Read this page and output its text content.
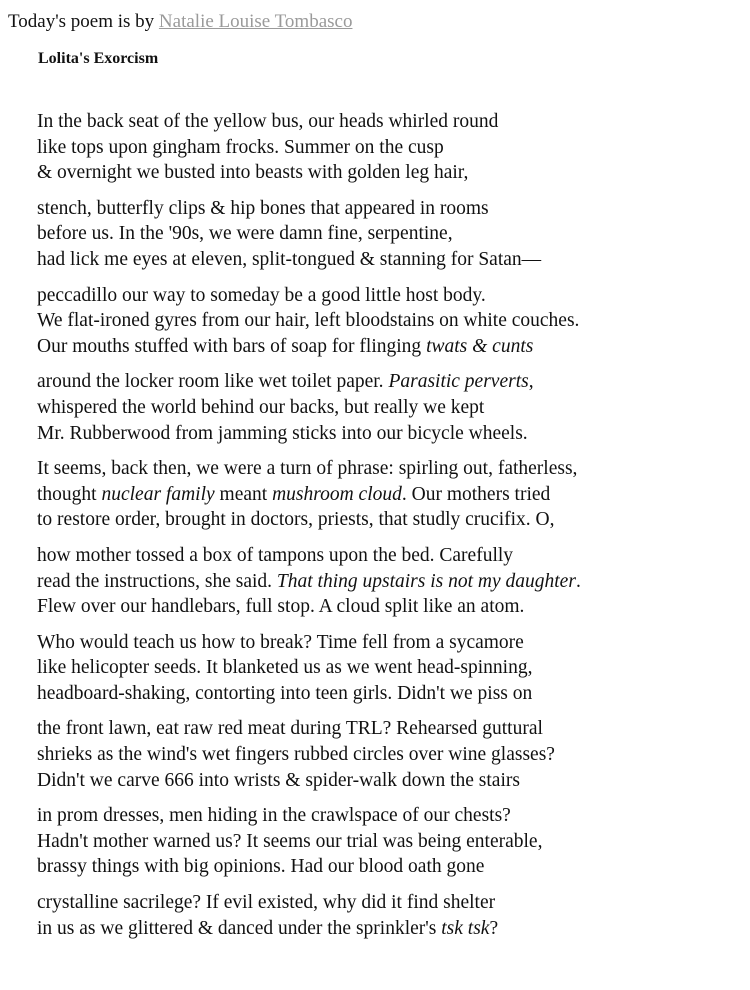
Today's poem is by Natalie Louise Tombasco
Lolita's Exorcism
In the back seat of the yellow bus, our heads whirled round
like tops upon gingham frocks. Summer on the cusp
& overnight we busted into beasts with golden leg hair,
stench, butterfly clips & hip bones that appeared in rooms
before us. In the '90s, we were damn fine, serpentine,
had lick me eyes at eleven, split-tongued & stanning for Satan—
peccadillo our way to someday be a good little host body.
We flat-ironed gyres from our hair, left bloodstains on white couches.
Our mouths stuffed with bars of soap for flinging twats & cunts
around the locker room like wet toilet paper. Parasitic perverts,
whispered the world behind our backs, but really we kept
Mr. Rubberwood from jamming sticks into our bicycle wheels.
It seems, back then, we were a turn of phrase: spirling out, fatherless,
thought nuclear family meant mushroom cloud. Our mothers tried
to restore order, brought in doctors, priests, that studly crucifix. O,
how mother tossed a box of tampons upon the bed. Carefully
read the instructions, she said. That thing upstairs is not my daughter.
Flew over our handlebars, full stop. A cloud split like an atom.
Who would teach us how to break? Time fell from a sycamore
like helicopter seeds. It blanketed us as we went head-spinning,
headboard-shaking, contorting into teen girls. Didn't we piss on
the front lawn, eat raw red meat during TRL? Rehearsed guttural
shrieks as the wind's wet fingers rubbed circles over wine glasses?
Didn't we carve 666 into wrists & spider-walk down the stairs
in prom dresses, men hiding in the crawlspace of our chests?
Hadn't mother warned us? It seems our trial was being enterable,
brassy things with big opinions. Had our blood oath gone
crystalline sacrilege? If evil existed, why did it find shelter
in us as we glittered & danced under the sprinkler's tsk tsk?
